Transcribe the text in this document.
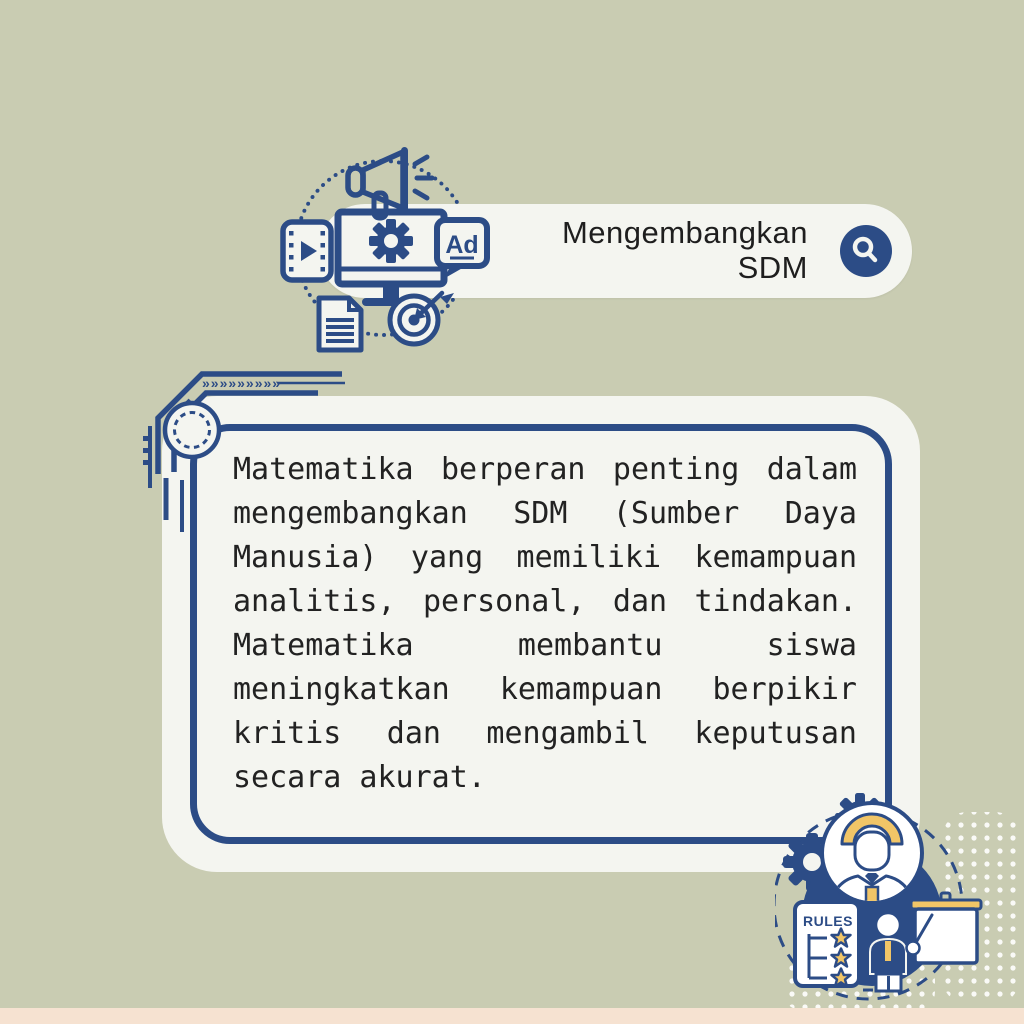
Mengembangkan
SDM
Ad
»»»»»»»»»
Matematika berperan penting dalam
mengembangkan SDM (Sumber Daya
Manusia) yang memiliki kemampuan
analitis, personal, dan tindakan.
Matematika membantu siswa
meningkatkan kemampuan berpikir
kritis dan mengambil keputusan
secara akurat.
RULES
